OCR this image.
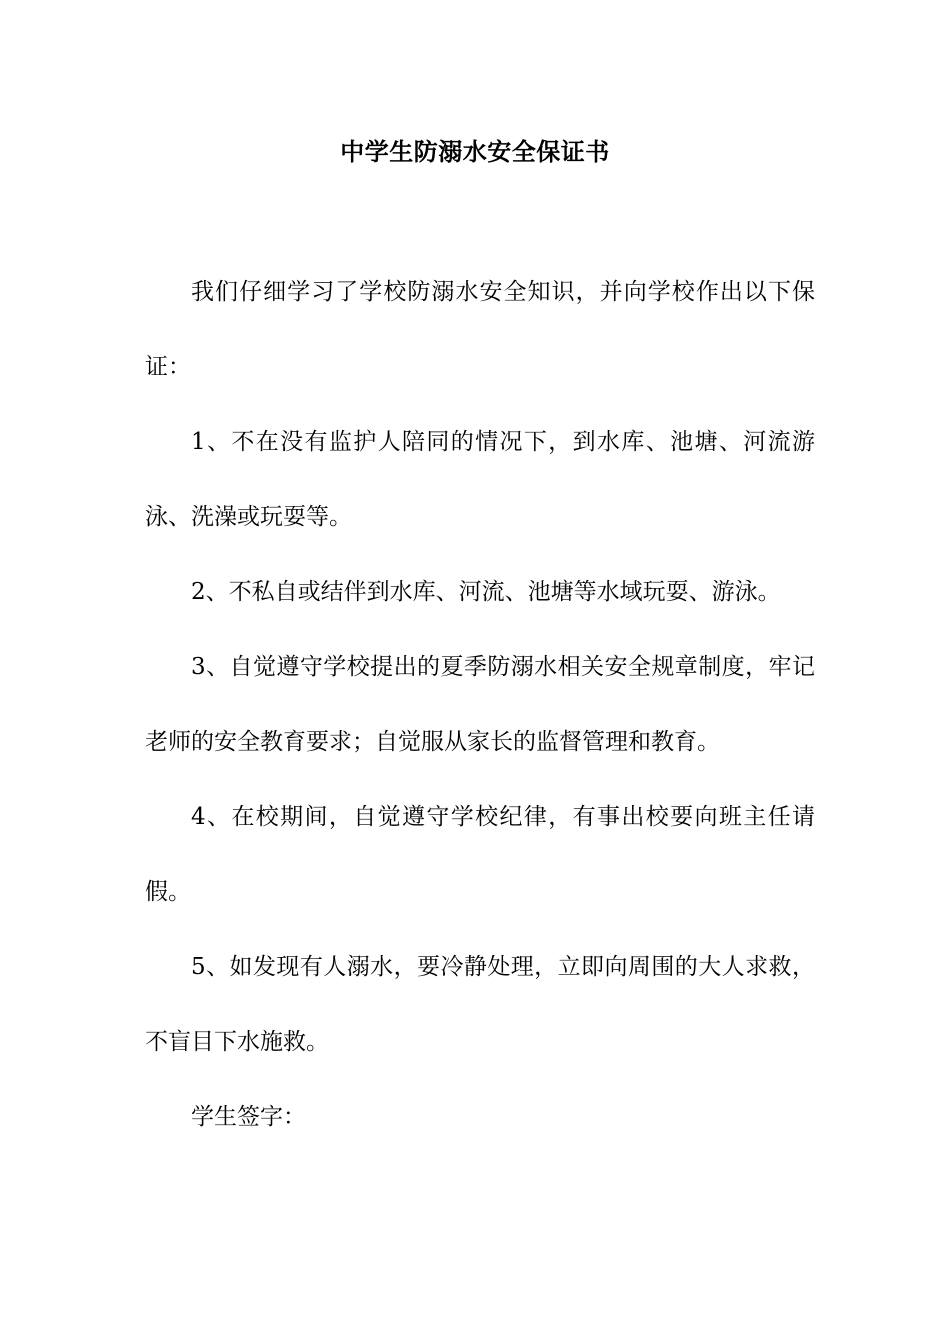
中学生防溺水安全保证书

我们仔细学习了学校防溺水安全知识，并向学校作出以下保证：

1、不在没有监护人陪同的情况下，到水库、池塘、河流游泳、洗澡或玩耍等。

2、不私自或结伴到水库、河流、池塘等水域玩耍、游泳。

3、自觉遵守学校提出的夏季防溺水相关安全规章制度，牢记老师的安全教育要求；自觉服从家长的监督管理和教育。

4、在校期间，自觉遵守学校纪律，有事出校要向班主任请假。

5、如发现有人溺水，要冷静处理，立即向周围的大人求救，不盲目下水施救。

学生签字：
